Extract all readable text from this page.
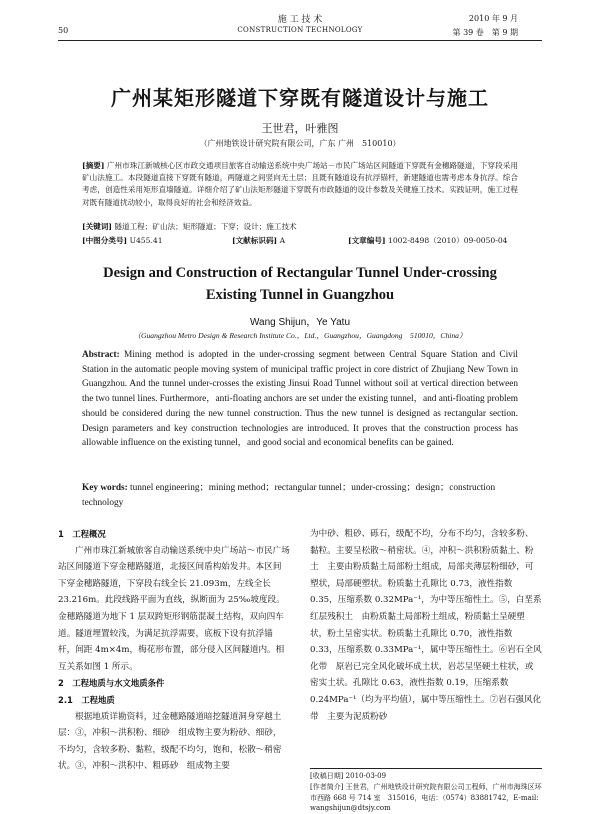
施 工 技 术
CONSTRUCTION TECHNOLOGY
2010 年 9 月
第 39 卷　第 9 期
50
广州某矩形隧道下穿既有隧道设计与施工
王世君，叶雅图
（广州地铁设计研究院有限公司，广东 广州　510010）
[摘要] 广州市珠江新城核心区市政交通项目旅客自动输送系统中央广场站－市民广场站区间隧道下穿既有金穗路隧道，下穿段采用矿山法施工。本段隧道直接下穿既有隧道，两隧道之间竖向无土层；且既有隧道设有抗浮锚杆，新建隧道也需考虑本身抗浮。综合考虑，创造性采用矩形直墙隧道。详细介绍了矿山法矩形隧道下穿既有市政隧道的设计参数及关键施工技术。实践证明，施工过程对既有隧道扰动较小，取得良好的社会和经济效益。
[关键词] 隧道工程；矿山法；矩形隧道；下穿；设计；施工技术
[中图分类号] U455.41	[文献标识码] A	[文章编号] 1002-8498（2010）09-0050-04
Design and Construction of Rectangular Tunnel Under-crossing
Existing Tunnel in Guangzhou
Wang Shijun，Ye Yatu
（Guangzhou Metro Design & Research Institute Co.，Ltd.，Guangzhou，Guangdong　510010，China）
Abstract: Mining method is adopted in the under-crossing segment between Central Square Station and Civil Station in the automatic people moving system of municipal traffic project in core district of Zhujiang New Town in Guangzhou. And the tunnel under-crosses the existing Jinsui Road Tunnel without soil at vertical direction between the two tunnel lines. Furthermore，anti-floating anchors are set under the existing tunnel，and anti-floating problem should be considered during the new tunnel construction. Thus the new tunnel is designed as rectangular section. Design parameters and key construction technologies are introduced. It proves that the construction process has allowable influence on the existing tunnel，and good social and economical benefits can be gained.
Key words: tunnel engineering；mining method；rectangular tunnel；under-crossing；design；construction technology

1　工程概况

广州市珠江新城旅客自动输送系统中央广场站～市民广场站区间隧道下穿金穗路隧道，北接区间盾构始发井。本区间下穿金穗路隧道，下穿段右线全长 21.093m，左线全长 23.216m。此段线路平面为直线，纵断面为 25‰坡度段。金穗路隧道为地下 1 层双跨矩形钢筋混凝土结构，双向四车道。隧道埋置较浅，为满足抗浮需要，底板下设有抗浮锚杆，间距 4m×4m，梅花形布置，部分侵入区间隧道内。相互关系如图 1 所示。

2　工程地质与水文地质条件

2.1　工程地质

根据地质详勘资料，过金穗路隧道暗挖隧道洞身穿越土层：③，冲积～洪积粉、细砂　组成物主要为粉砂、细砂，不均匀，含较多粉、黏粒，级配不均匀，饱和，松散～稍密状。③，冲积～洪积中、粗砾砂　组成物主要

为中砂、粗砂、砾石，级配不均，分布不均匀，含较多粉、黏粒。主要呈松散～稍密状。④，冲积～洪积粉质黏土、粉土　主要由粉质黏土局部粉土组成，局部夹薄层粉细砂，可塑状，局部硬塑状。粉质黏土孔隙比 0.73，液性指数 0.35，压缩系数 0.32MPa⁻¹，为中等压缩性土。⑤，白垩系红层残积土　由粉质黏土局部粉土组成，粉质黏土呈硬塑状，粉土呈密实状。粉质黏土孔隙比 0.70，液性指数 0.33，压缩系数 0.33MPa⁻¹，属中等压缩性土。⑥岩石全风化带　原岩已完全风化破坏成土状，岩芯呈坚硬土柱状，或密实土状。孔隙比 0.63，液性指数 0.19，压缩系数 0.24MPa⁻¹（均为平均值），属中等压缩性土。⑦岩石强风化带　主要为泥质粉砂

[收稿日期] 2010-03-09
[作者简介] 王世君，广州地铁设计研究院有限公司工程师，广州市海珠区环市西路 668 号 714 室　315016，电话：（0574）83881742，E-mail: wangshijun@dtsjy.com
